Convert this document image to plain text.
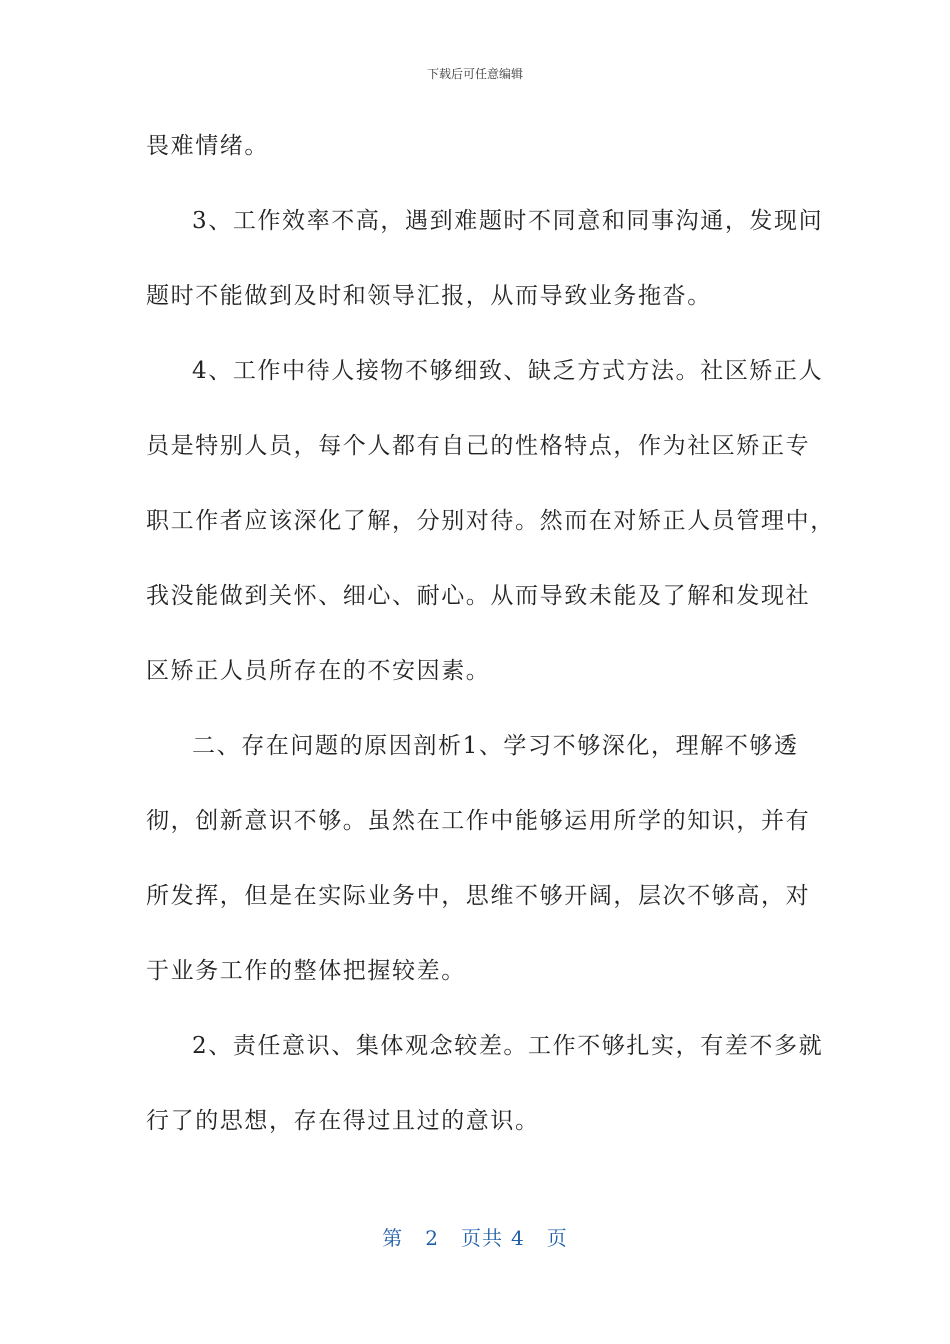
下载后可任意编辑
畏难情绪。
3、工作效率不高，遇到难题时不同意和同事沟通，发现问
题时不能做到及时和领导汇报，从而导致业务拖沓。
4、工作中待人接物不够细致、缺乏方式方法。社区矫正人
员是特别人员，每个人都有自己的性格特点，作为社区矫正专
职工作者应该深化了解，分别对待。然而在对矫正人员管理中，
我没能做到关怀、细心、耐心。从而导致未能及了解和发现社
区矫正人员所存在的不安因素。
二、存在问题的原因剖析1、学习不够深化，理解不够透
彻，创新意识不够。虽然在工作中能够运用所学的知识，并有
所发挥，但是在实际业务中，思维不够开阔，层次不够高，对
于业务工作的整体把握较差。
2、责任意识、集体观念较差。工作不够扎实，有差不多就
行了的思想，存在得过且过的意识。
第 2 页共 4 页
